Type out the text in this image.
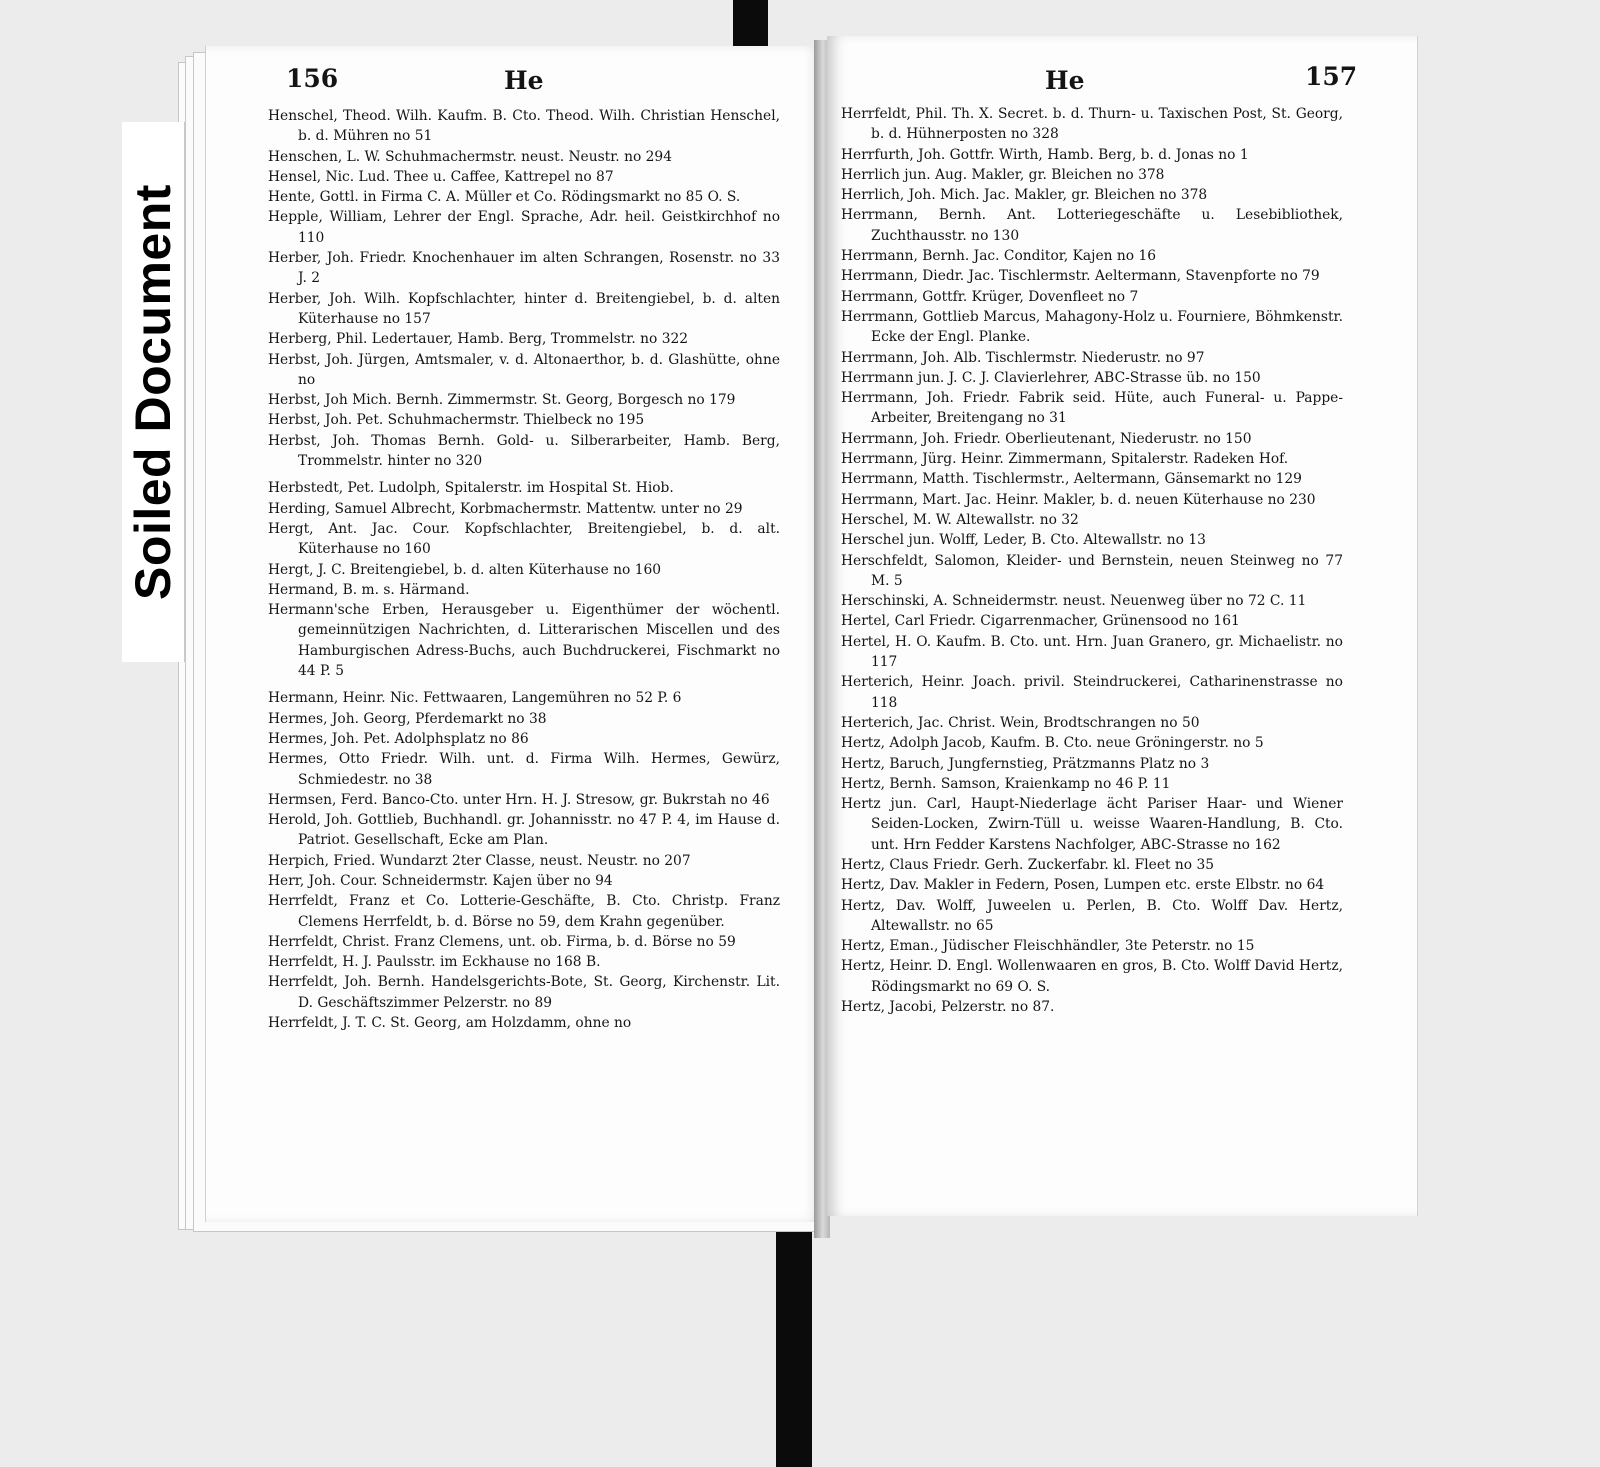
156	He
Henschel, Theod. Wilh. Kaufm. B. Cto. Theod. Wilh. Christian Henschel, b. d. Mühren no 51
Henschen, L. W. Schuhmachermstr. neust. Neustr. no 294
Hensel, Nic. Lud. Thee u. Caffee, Kattrepel no 87
Hente, Gottl. in Firma C. A. Müller et Co. Rödingsmarkt no 85 O. S.
Hepple, William, Lehrer der Engl. Sprache, Adr. heil. Geistkirchhof no 110
Herber, Joh. Friedr. Knochenhauer im alten Schrangen, Rosenstr. no 33 J. 2
Herber, Joh. Wilh. Kopfschlachter, hinter d. Breitengiebel, b. d. alten Küterhause no 157
Herberg, Phil. Ledertauer, Hamb. Berg, Trommelstr. no 322
Herbst, Joh. Jürgen, Amtsmaler, v. d. Altonaerthor, b. d. Glashütte, ohne no
Herbst, Joh Mich. Bernh. Zimmermstr. St. Georg, Borgesch no 179
Herbst, Joh. Pet. Schuhmachermstr. Thielbeck no 195
Herbst, Joh. Thomas Bernh. Gold- u. Silberarbeiter, Hamb. Berg, Trommelstr. hinter no 320
Herbstedt, Pet. Ludolph, Spitalerstr. im Hospital St. Hiob.
Herding, Samuel Albrecht, Korbmachermstr. Mattentw. unter no 29
Hergt, Ant. Jac. Cour. Kopfschlachter, Breitengiebel, b. d. alt. Küterhause no 160
Hergt, J. C. Breitengiebel, b. d. alten Küterhause no 160
Hermand, B. m. s. Härmand.
Hermann'sche Erben, Herausgeber u. Eigenthümer der wöchentl. gemeinnützigen Nachrichten, d. Litterarischen Miscellen und des Hamburgischen Adress-Buchs, auch Buchdruckerei, Fischmarkt no 44 P. 5
Hermann, Heinr. Nic. Fettwaaren, Langemühren no 52 P. 6
Hermes, Joh. Georg, Pferdemarkt no 38
Hermes, Joh. Pet. Adolphsplatz no 86
Hermes, Otto Friedr. Wilh. unt. d. Firma Wilh. Hermes, Gewürz, Schmiedestr. no 38
Hermsen, Ferd. Banco-Cto. unter Hrn. H. J. Stresow, gr. Bukrstah no 46
Herold, Joh. Gottlieb, Buchhandl. gr. Johannisstr. no 47 P. 4, im Hause d. Patriot. Gesellschaft, Ecke am Plan.
Herpich, Fried. Wundarzt 2ter Classe, neust. Neustr. no 207
Herr, Joh. Cour. Schneidermstr. Kajen über no 94
Herrfeldt, Franz et Co. Lotterie-Geschäfte, B. Cto. Christp. Franz Clemens Herrfeldt, b. d. Börse no 59, dem Krahn gegenüber.
Herrfeldt, Christ. Franz Clemens, unt. ob. Firma, b. d. Börse no 59
Herrfeldt, H. J. Paulsstr. im Eckhause no 168 B.
Herrfeldt, Joh. Bernh. Handelsgerichts-Bote, St. Georg, Kirchenstr. Lit. D. Geschäftszimmer Pelzerstr. no 89
Herrfeldt, J. T. C. St. Georg, am Holzdamm, ohne no
He	157
Herrfeldt, Phil. Th. X. Secret. b. d. Thurn- u. Taxischen Post, St. Georg, b. d. Hühnerposten no 328
Herrfurth, Joh. Gottfr. Wirth, Hamb. Berg, b. d. Jonas no 1
Herrlich jun. Aug. Makler, gr. Bleichen no 378
Herrlich, Joh. Mich. Jac. Makler, gr. Bleichen no 378
Herrmann, Bernh. Ant. Lotteriegeschäfte u. Lesebibliothek, Zuchthausstr. no 130
Herrmann, Bernh. Jac. Conditor, Kajen no 16
Herrmann, Diedr. Jac. Tischlermstr. Aeltermann, Stavenpforte no 79
Herrmann, Gottfr. Krüger, Dovenfleet no 7
Herrmann, Gottlieb Marcus, Mahagony-Holz u. Fourniere, Böhmkenstr. Ecke der Engl. Planke.
Herrmann, Joh. Alb. Tischlermstr. Niederustr. no 97
Herrmann jun. J. C. J. Clavierlehrer, ABC-Strasse üb. no 150
Herrmann, Joh. Friedr. Fabrik seid. Hüte, auch Funeral- u. Pappe-Arbeiter, Breitengang no 31
Herrmann, Joh. Friedr. Oberlieutenant, Niederustr. no 150
Herrmann, Jürg. Heinr. Zimmermann, Spitalerstr. Radeken Hof.
Herrmann, Matth. Tischlermstr., Aeltermann, Gänsemarkt no 129
Herrmann, Mart. Jac. Heinr. Makler, b. d. neuen Küterhause no 230
Herschel, M. W. Altewallstr. no 32
Herschel jun. Wolff, Leder, B. Cto. Altewallstr. no 13
Herschfeldt, Salomon, Kleider- und Bernstein, neuen Steinweg no 77 M. 5
Herschinski, A. Schneidermstr. neust. Neuenweg über no 72 C. 11
Hertel, Carl Friedr. Cigarrenmacher, Grünensood no 161
Hertel, H. O. Kaufm. B. Cto. unt. Hrn. Juan Granero, gr. Michaelistr. no 117
Herterich, Heinr. Joach. privil. Steindruckerei, Catharinenstrasse no 118
Herterich, Jac. Christ. Wein, Brodtschrangen no 50
Hertz, Adolph Jacob, Kaufm. B. Cto. neue Gröningerstr. no 5
Hertz, Baruch, Jungfernstieg, Prätzmanns Platz no 3
Hertz, Bernh. Samson, Kraienkamp no 46 P. 11
Hertz jun. Carl, Haupt-Niederlage ächt Pariser Haar- und Wiener Seiden-Locken, Zwirn-Tüll u. weisse Waaren-Handlung, B. Cto. unt. Hrn Fedder Karstens Nachfolger, ABC-Strasse no 162
Hertz, Claus Friedr. Gerh. Zuckerfabr. kl. Fleet no 35
Hertz, Dav. Makler in Federn, Posen, Lumpen etc. erste Elbstr. no 64
Hertz, Dav. Wolff, Juweelen u. Perlen, B. Cto. Wolff Dav. Hertz, Altewallstr. no 65
Hertz, Eman., Jüdischer Fleischhändler, 3te Peterstr. no 15
Hertz, Heinr. D. Engl. Wollenwaaren en gros, B. Cto. Wolff David Hertz, Rödingsmarkt no 69 O. S.
Hertz, Jacobi, Pelzerstr. no 87.
Soiled Document
